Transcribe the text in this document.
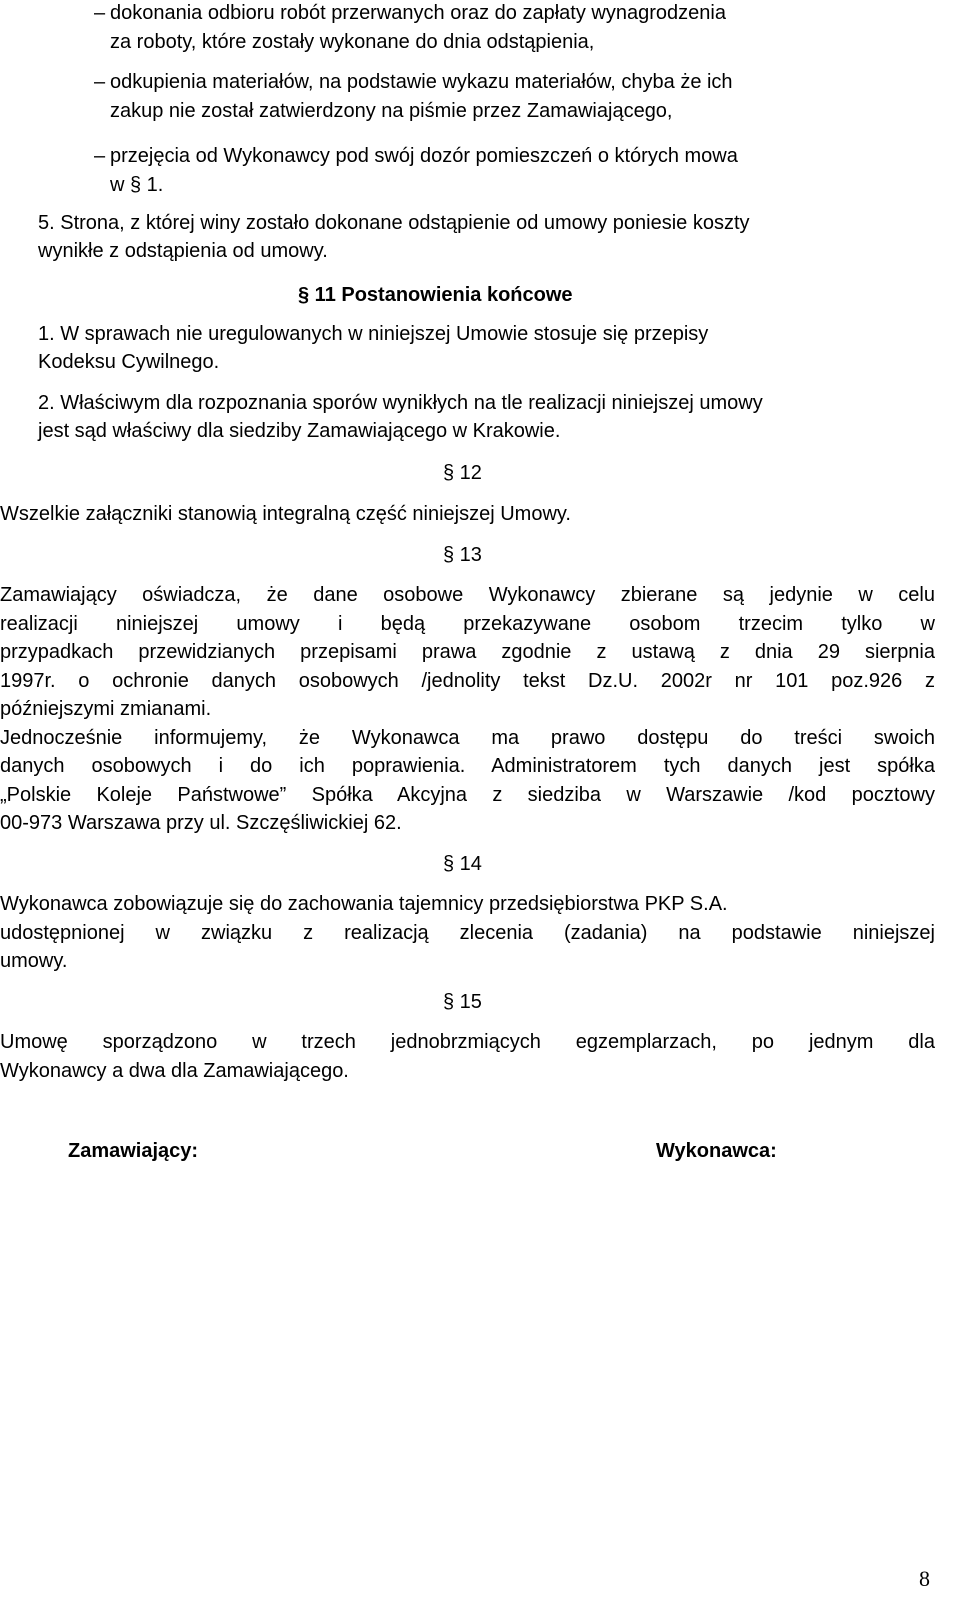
– dokonania odbioru robót przerwanych oraz do zapłaty wynagrodzenia
za roboty, które zostały wykonane do dnia odstąpienia,
– odkupienia materiałów, na podstawie wykazu materiałów, chyba że ich
zakup nie został zatwierdzony na piśmie przez Zamawiającego,
– przejęcia od Wykonawcy pod swój dozór pomieszczeń o których mowa
w § 1.
5. Strona, z której winy zostało dokonane odstąpienie od umowy poniesie koszty
wynikłe z odstąpienia od umowy.
§ 11 Postanowienia końcowe
1. W sprawach nie uregulowanych w niniejszej Umowie stosuje się przepisy
Kodeksu Cywilnego.
2. Właściwym dla rozpoznania sporów wynikłych na tle realizacji niniejszej umowy
jest sąd właściwy dla siedziby Zamawiającego w Krakowie.
§ 12
Wszelkie załączniki stanowią integralną część niniejszej Umowy.
§ 13
Zamawiający oświadcza, że dane osobowe Wykonawcy zbierane są jedynie w celu
realizacji niniejszej umowy i będą przekazywane osobom trzecim tylko w
przypadkach przewidzianych przepisami prawa zgodnie z ustawą z dnia 29 sierpnia
1997r. o ochronie danych osobowych /jednolity tekst Dz.U. 2002r nr 101 poz.926 z
późniejszymi zmianami.
Jednocześnie informujemy, że Wykonawca ma prawo dostępu do treści swoich
danych osobowych i do ich poprawienia. Administratorem tych danych jest spółka
„Polskie Koleje Państwowe” Spółka Akcyjna z siedziba w Warszawie /kod pocztowy
00-973 Warszawa przy ul. Szczęśliwickiej 62.
§ 14
Wykonawca zobowiązuje się do zachowania tajemnicy przedsiębiorstwa PKP S.A.
udostępnionej w związku z realizacją zlecenia (zadania) na podstawie niniejszej
umowy.
§ 15
Umowę sporządzono w trzech jednobrzmiących egzemplarzach, po jednym dla
Wykonawcy a dwa dla Zamawiającego.
Zamawiający:	Wykonawca:
8
